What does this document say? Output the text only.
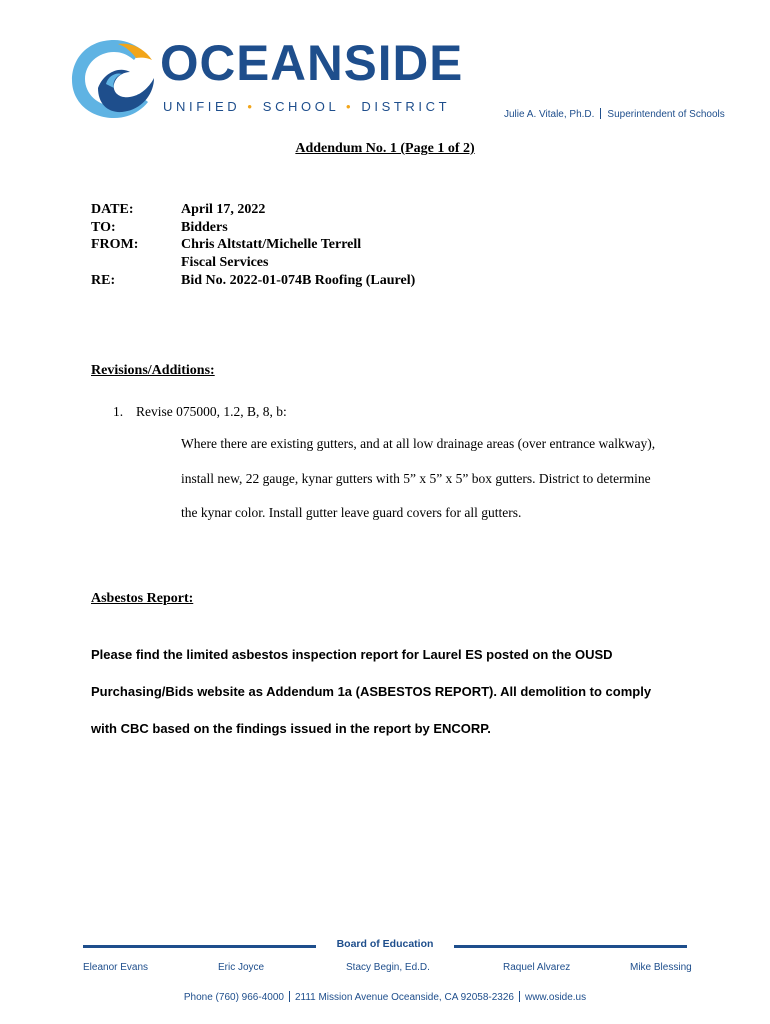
OCEANSIDE
UNIFIED • SCHOOL • DISTRICT
Julie A. Vitale, Ph.D. Superintendent of Schools
Addendum No. 1 (Page 1 of 2)
DATE:	April 17, 2022
TO:	Bidders
FROM:	Chris Altstatt/Michelle Terrell
Fiscal Services
RE:	Bid No. 2022-01-074B Roofing (Laurel)
Revisions/Additions:
1. Revise 075000, 1.2, B, 8, b:
Where there are existing gutters, and at all low drainage areas (over entrance walkway),
install new, 22 gauge, kynar gutters with 5” x 5” x 5” box gutters. District to determine
the kynar color. Install gutter leave guard covers for all gutters.
Asbestos Report:
Please find the limited asbestos inspection report for Laurel ES posted on the OUSD
Purchasing/Bids website as Addendum 1a (ASBESTOS REPORT). All demolition to comply
with CBC based on the findings issued in the report by ENCORP.
Board of Education
Eleanor Evans	Eric Joyce	Stacy Begin, Ed.D.	Raquel Alvarez	Mike Blessing
Phone (760) 966-4000 2111 Mission Avenue Oceanside, CA 92058-2326 www.oside.us
